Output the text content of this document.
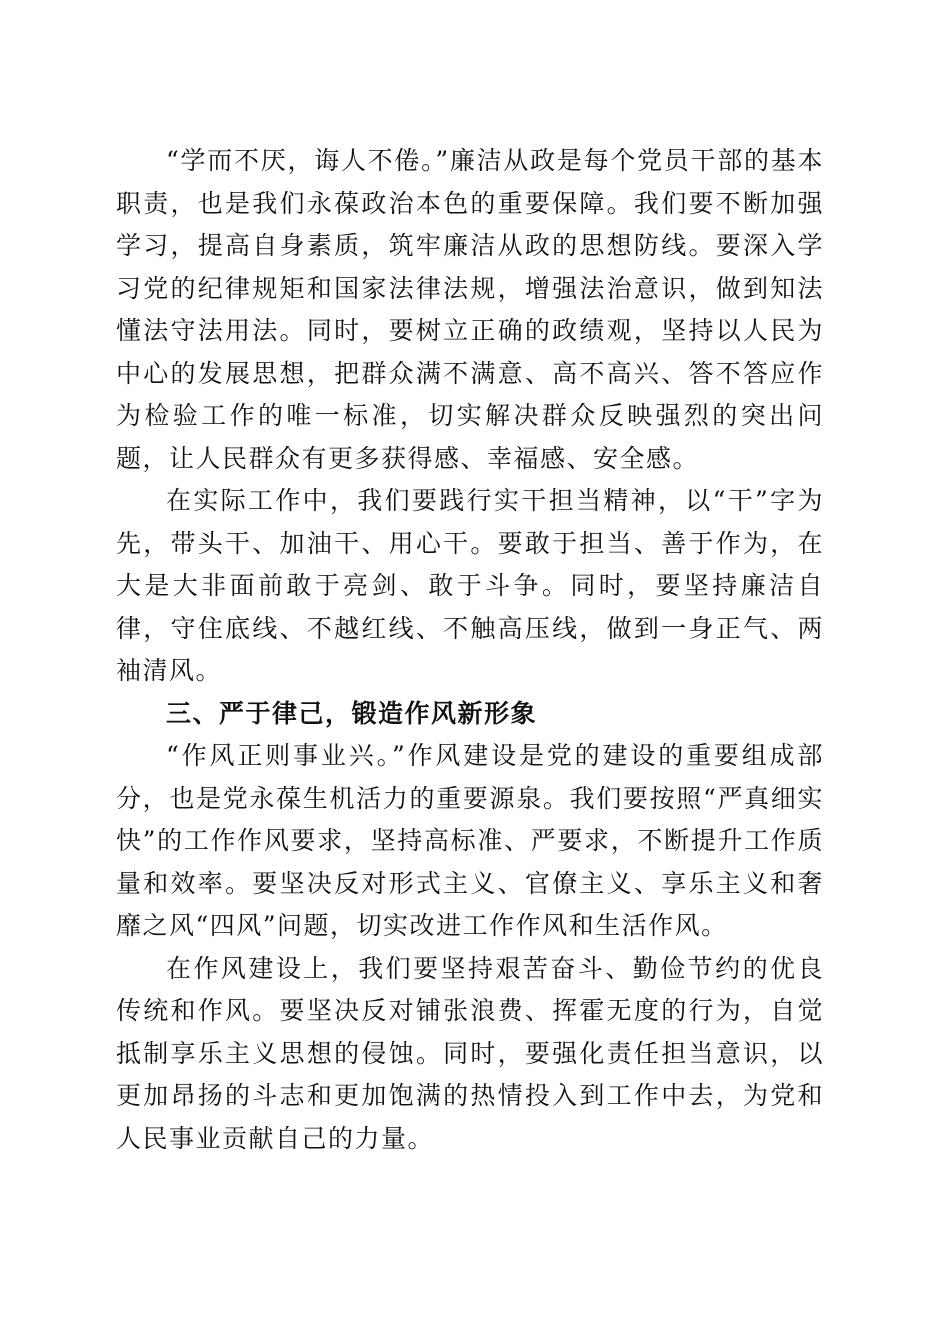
“学而不厌，诲人不倦。”廉洁从政是每个党员干部的基本职责，也是我们永葆政治本色的重要保障。我们要不断加强学习，提高自身素质，筑牢廉洁从政的思想防线。要深入学习党的纪律规矩和国家法律法规，增强法治意识，做到知法懂法守法用法。同时，要树立正确的政绩观，坚持以人民为中心的发展思想，把群众满不满意、高不高兴、答不答应作为检验工作的唯一标准，切实解决群众反映强烈的突出问题，让人民群众有更多获得感、幸福感、安全感。

在实际工作中，我们要践行实干担当精神，以“干”字为先，带头干、加油干、用心干。要敢于担当、善于作为，在大是大非面前敢于亮剑、敢于斗争。同时，要坚持廉洁自律，守住底线、不越红线、不触高压线，做到一身正气、两袖清风。

三、严于律己，锻造作风新形象

“作风正则事业兴。”作风建设是党的建设的重要组成部分，也是党永葆生机活力的重要源泉。我们要按照“严真细实快”的工作作风要求，坚持高标准、严要求，不断提升工作质量和效率。要坚决反对形式主义、官僚主义、享乐主义和奢靡之风“四风”问题，切实改进工作作风和生活作风。

在作风建设上，我们要坚持艰苦奋斗、勤俭节约的优良传统和作风。要坚决反对铺张浪费、挥霍无度的行为，自觉抵制享乐主义思想的侵蚀。同时，要强化责任担当意识，以更加昂扬的斗志和更加饱满的热情投入到工作中去，为党和人民事业贡献自己的力量。
